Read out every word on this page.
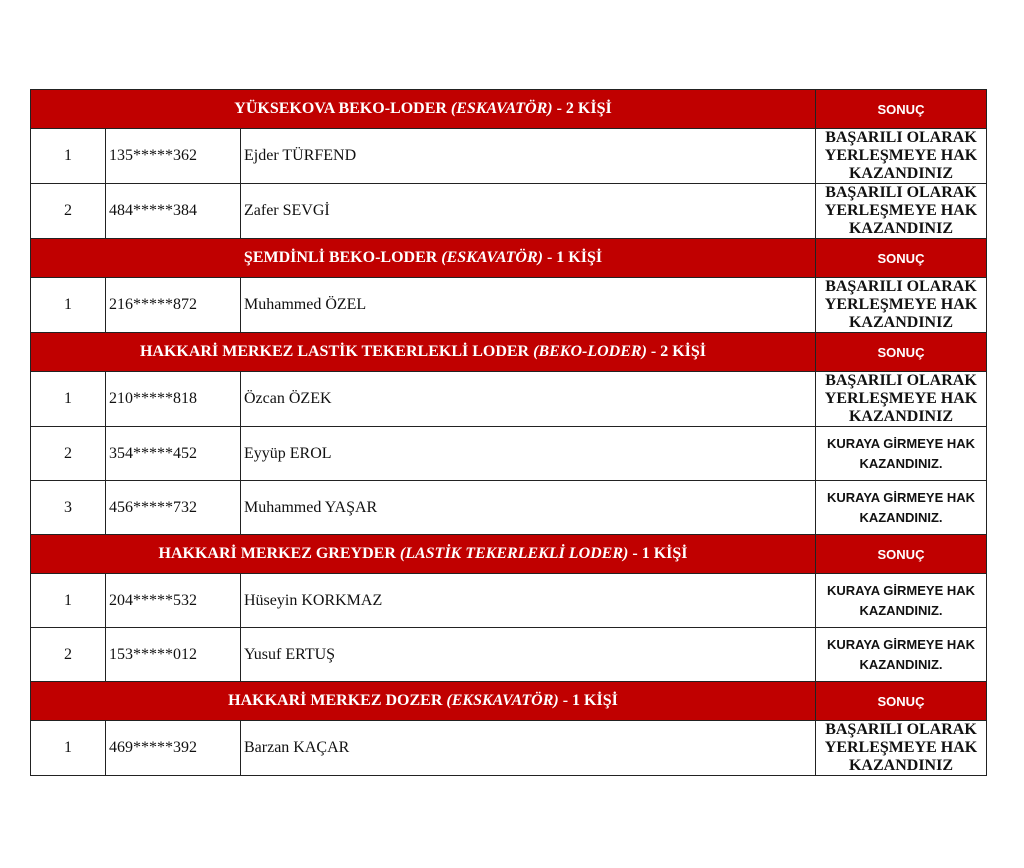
YÜKSEKOVA BEKO-LODER (ESKAVATÖR) - 2 KİŞİ			SONUÇ
1	135*****362	Ejder TÜRFEND	BAŞARILI OLARAK YERLEŞMEYE HAK KAZANDINIZ
2	484*****384	Zafer SEVGİ	BAŞARILI OLARAK YERLEŞMEYE HAK KAZANDINIZ
ŞEMDİNLİ BEKO-LODER (ESKAVATÖR) - 1 KİŞİ			SONUÇ
1	216*****872	Muhammed ÖZEL	BAŞARILI OLARAK YERLEŞMEYE HAK KAZANDINIZ
HAKKARİ MERKEZ LASTİK TEKERLEKLİ LODER (BEKO-LODER) - 2 KİŞİ			SONUÇ
1	210*****818	Özcan ÖZEK	BAŞARILI OLARAK YERLEŞMEYE HAK KAZANDINIZ
2	354*****452	Eyyüp EROL	KURAYA GİRMEYE HAK KAZANDINIZ.
3	456*****732	Muhammed YAŞAR	KURAYA GİRMEYE HAK KAZANDINIZ.
HAKKARİ MERKEZ GREYDER (LASTİK TEKERLEKLİ LODER) - 1 KİŞİ			SONUÇ
1	204*****532	Hüseyin KORKMAZ	KURAYA GİRMEYE HAK KAZANDINIZ.
2	153*****012	Yusuf ERTUŞ	KURAYA GİRMEYE HAK KAZANDINIZ.
HAKKARİ MERKEZ DOZER (EKSKAVATÖR) - 1 KİŞİ			SONUÇ
1	469*****392	Barzan KAÇAR	BAŞARILI OLARAK YERLEŞMEYE HAK KAZANDINIZ
